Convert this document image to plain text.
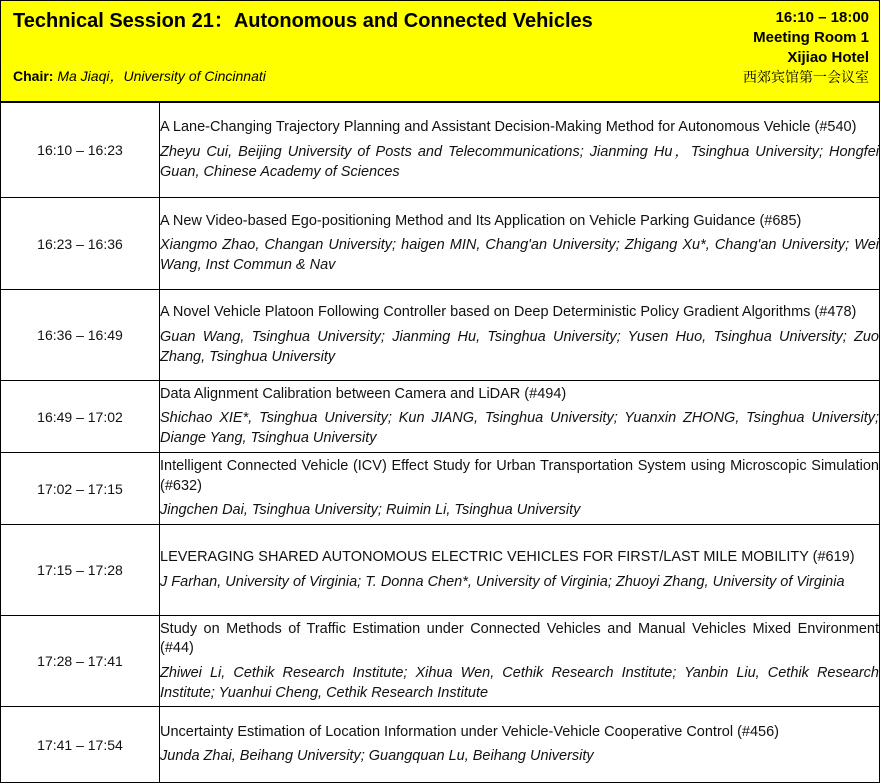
Technical Session 21：Autonomous and Connected Vehicles
Chair: Ma Jiaqi，University of Cincinnati
16:10 – 18:00
Meeting Room 1
Xijiao Hotel
西郊宾馆第一会议室
16:10 – 16:23	A Lane-Changing Trajectory Planning and Assistant Decision-Making Method for Autonomous Vehicle (#540)
Zheyu Cui, Beijing University of Posts and Telecommunications; Jianming Hu，Tsinghua University; Hongfei Guan, Chinese Academy of Sciences

16:23 – 16:36	A New Video-based Ego-positioning Method and Its Application on Vehicle Parking Guidance (#685)
Xiangmo Zhao, Changan University; haigen MIN, Chang'an University; Zhigang Xu*, Chang'an University; Wei Wang, Inst Commun & Nav

16:36 – 16:49	A Novel Vehicle Platoon Following Controller based on Deep Deterministic Policy Gradient Algorithms (#478)
Guan Wang, Tsinghua University; Jianming Hu, Tsinghua University; Yusen Huo, Tsinghua University; Zuo Zhang, Tsinghua University

16:49 – 17:02	Data Alignment Calibration between Camera and LiDAR (#494)
Shichao XIE*, Tsinghua University; Kun JIANG, Tsinghua University; Yuanxin ZHONG, Tsinghua University; Diange Yang, Tsinghua University

17:02 – 17:15	Intelligent Connected Vehicle (ICV) Effect Study for Urban Transportation System using Microscopic Simulation (#632)
Jingchen Dai, Tsinghua University; Ruimin Li, Tsinghua University

17:15 – 17:28	LEVERAGING SHARED AUTONOMOUS ELECTRIC VEHICLES FOR FIRST/LAST MILE MOBILITY (#619)
J Farhan, University of Virginia; T. Donna Chen*, University of Virginia; Zhuoyi Zhang, University of Virginia

17:28 – 17:41	Study on Methods of Traffic Estimation under Connected Vehicles and Manual Vehicles Mixed Environment (#44)
Zhiwei Li, Cethik Research Institute; Xihua Wen, Cethik Research Institute; Yanbin Liu, Cethik Research Institute; Yuanhui Cheng, Cethik Research Institute

17:41 – 17:54	Uncertainty Estimation of Location Information under Vehicle-Vehicle Cooperative Control (#456)
Junda Zhai, Beihang University; Guangquan Lu, Beihang University
